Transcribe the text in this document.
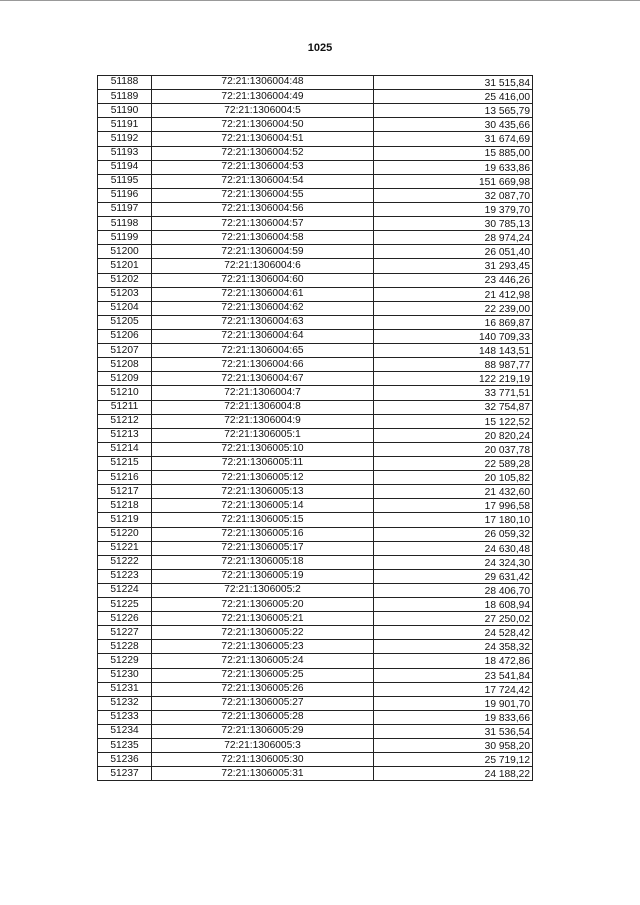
1025
51188	72:21:1306004:48	31 515,84
51189	72:21:1306004:49	25 416,00
51190	72:21:1306004:5	13 565,79
51191	72:21:1306004:50	30 435,66
51192	72:21:1306004:51	31 674,69
51193	72:21:1306004:52	15 885,00
51194	72:21:1306004:53	19 633,86
51195	72:21:1306004:54	151 669,98
51196	72:21:1306004:55	32 087,70
51197	72:21:1306004:56	19 379,70
51198	72:21:1306004:57	30 785,13
51199	72:21:1306004:58	28 974,24
51200	72:21:1306004:59	26 051,40
51201	72:21:1306004:6	31 293,45
51202	72:21:1306004:60	23 446,26
51203	72:21:1306004:61	21 412,98
51204	72:21:1306004:62	22 239,00
51205	72:21:1306004:63	16 869,87
51206	72:21:1306004:64	140 709,33
51207	72:21:1306004:65	148 143,51
51208	72:21:1306004:66	88 987,77
51209	72:21:1306004:67	122 219,19
51210	72:21:1306004:7	33 771,51
51211	72:21:1306004:8	32 754,87
51212	72:21:1306004:9	15 122,52
51213	72:21:1306005:1	20 820,24
51214	72:21:1306005:10	20 037,78
51215	72:21:1306005:11	22 589,28
51216	72:21:1306005:12	20 105,82
51217	72:21:1306005:13	21 432,60
51218	72:21:1306005:14	17 996,58
51219	72:21:1306005:15	17 180,10
51220	72:21:1306005:16	26 059,32
51221	72:21:1306005:17	24 630,48
51222	72:21:1306005:18	24 324,30
51223	72:21:1306005:19	29 631,42
51224	72:21:1306005:2	28 406,70
51225	72:21:1306005:20	18 608,94
51226	72:21:1306005:21	27 250,02
51227	72:21:1306005:22	24 528,42
51228	72:21:1306005:23	24 358,32
51229	72:21:1306005:24	18 472,86
51230	72:21:1306005:25	23 541,84
51231	72:21:1306005:26	17 724,42
51232	72:21:1306005:27	19 901,70
51233	72:21:1306005:28	19 833,66
51234	72:21:1306005:29	31 536,54
51235	72:21:1306005:3	30 958,20
51236	72:21:1306005:30	25 719,12
51237	72:21:1306005:31	24 188,22
